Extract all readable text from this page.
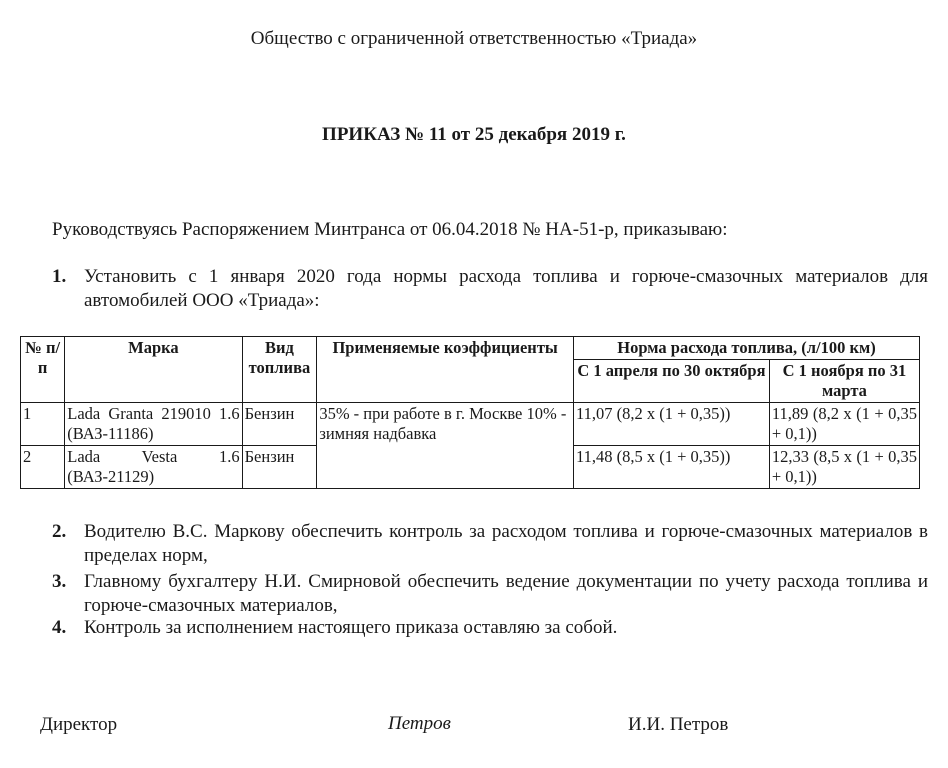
Общество с ограниченной ответственностью «Триада»
ПРИКАЗ № 11 от 25 декабря 2019 г.
Руководствуясь Распоряжением Минтранса от 06.04.2018 № НА-51-р, приказываю:
1. Установить с 1 января 2020 года нормы расхода топлива и горюче-смазочных материалов для автомобилей ООО «Триада»:
№ п/п	Марка	Вид топлива	Применяемые коэффициенты	Норма расхода топлива, (л/100 км)	
				С 1 апреля по 30 октября	С 1 ноября по 31 марта
1	Lada Granta 219010 1.6 (ВАЗ-11186)	Бензин	35% - при работе в г. Москве 10% - зимняя надбавка	11,07 (8,2 х (1 + 0,35))	11,89 (8,2 х (1 + 0,35 + 0,1))
2	Lada Vesta 1.6 (ВАЗ-21129)	Бензин		11,48 (8,5 х (1 + 0,35))	12,33 (8,5 х (1 + 0,35 + 0,1))
2. Водителю В.С. Маркову обеспечить контроль за расходом топлива и горюче-смазочных материалов в пределах норм,
3. Главному бухгалтеру Н.И. Смирновой обеспечить ведение документации по учету расхода топлива и горюче-смазочных материалов,
4. Контроль за исполнением настоящего приказа оставляю за собой.
Директор	Петров	И.И. Петров
